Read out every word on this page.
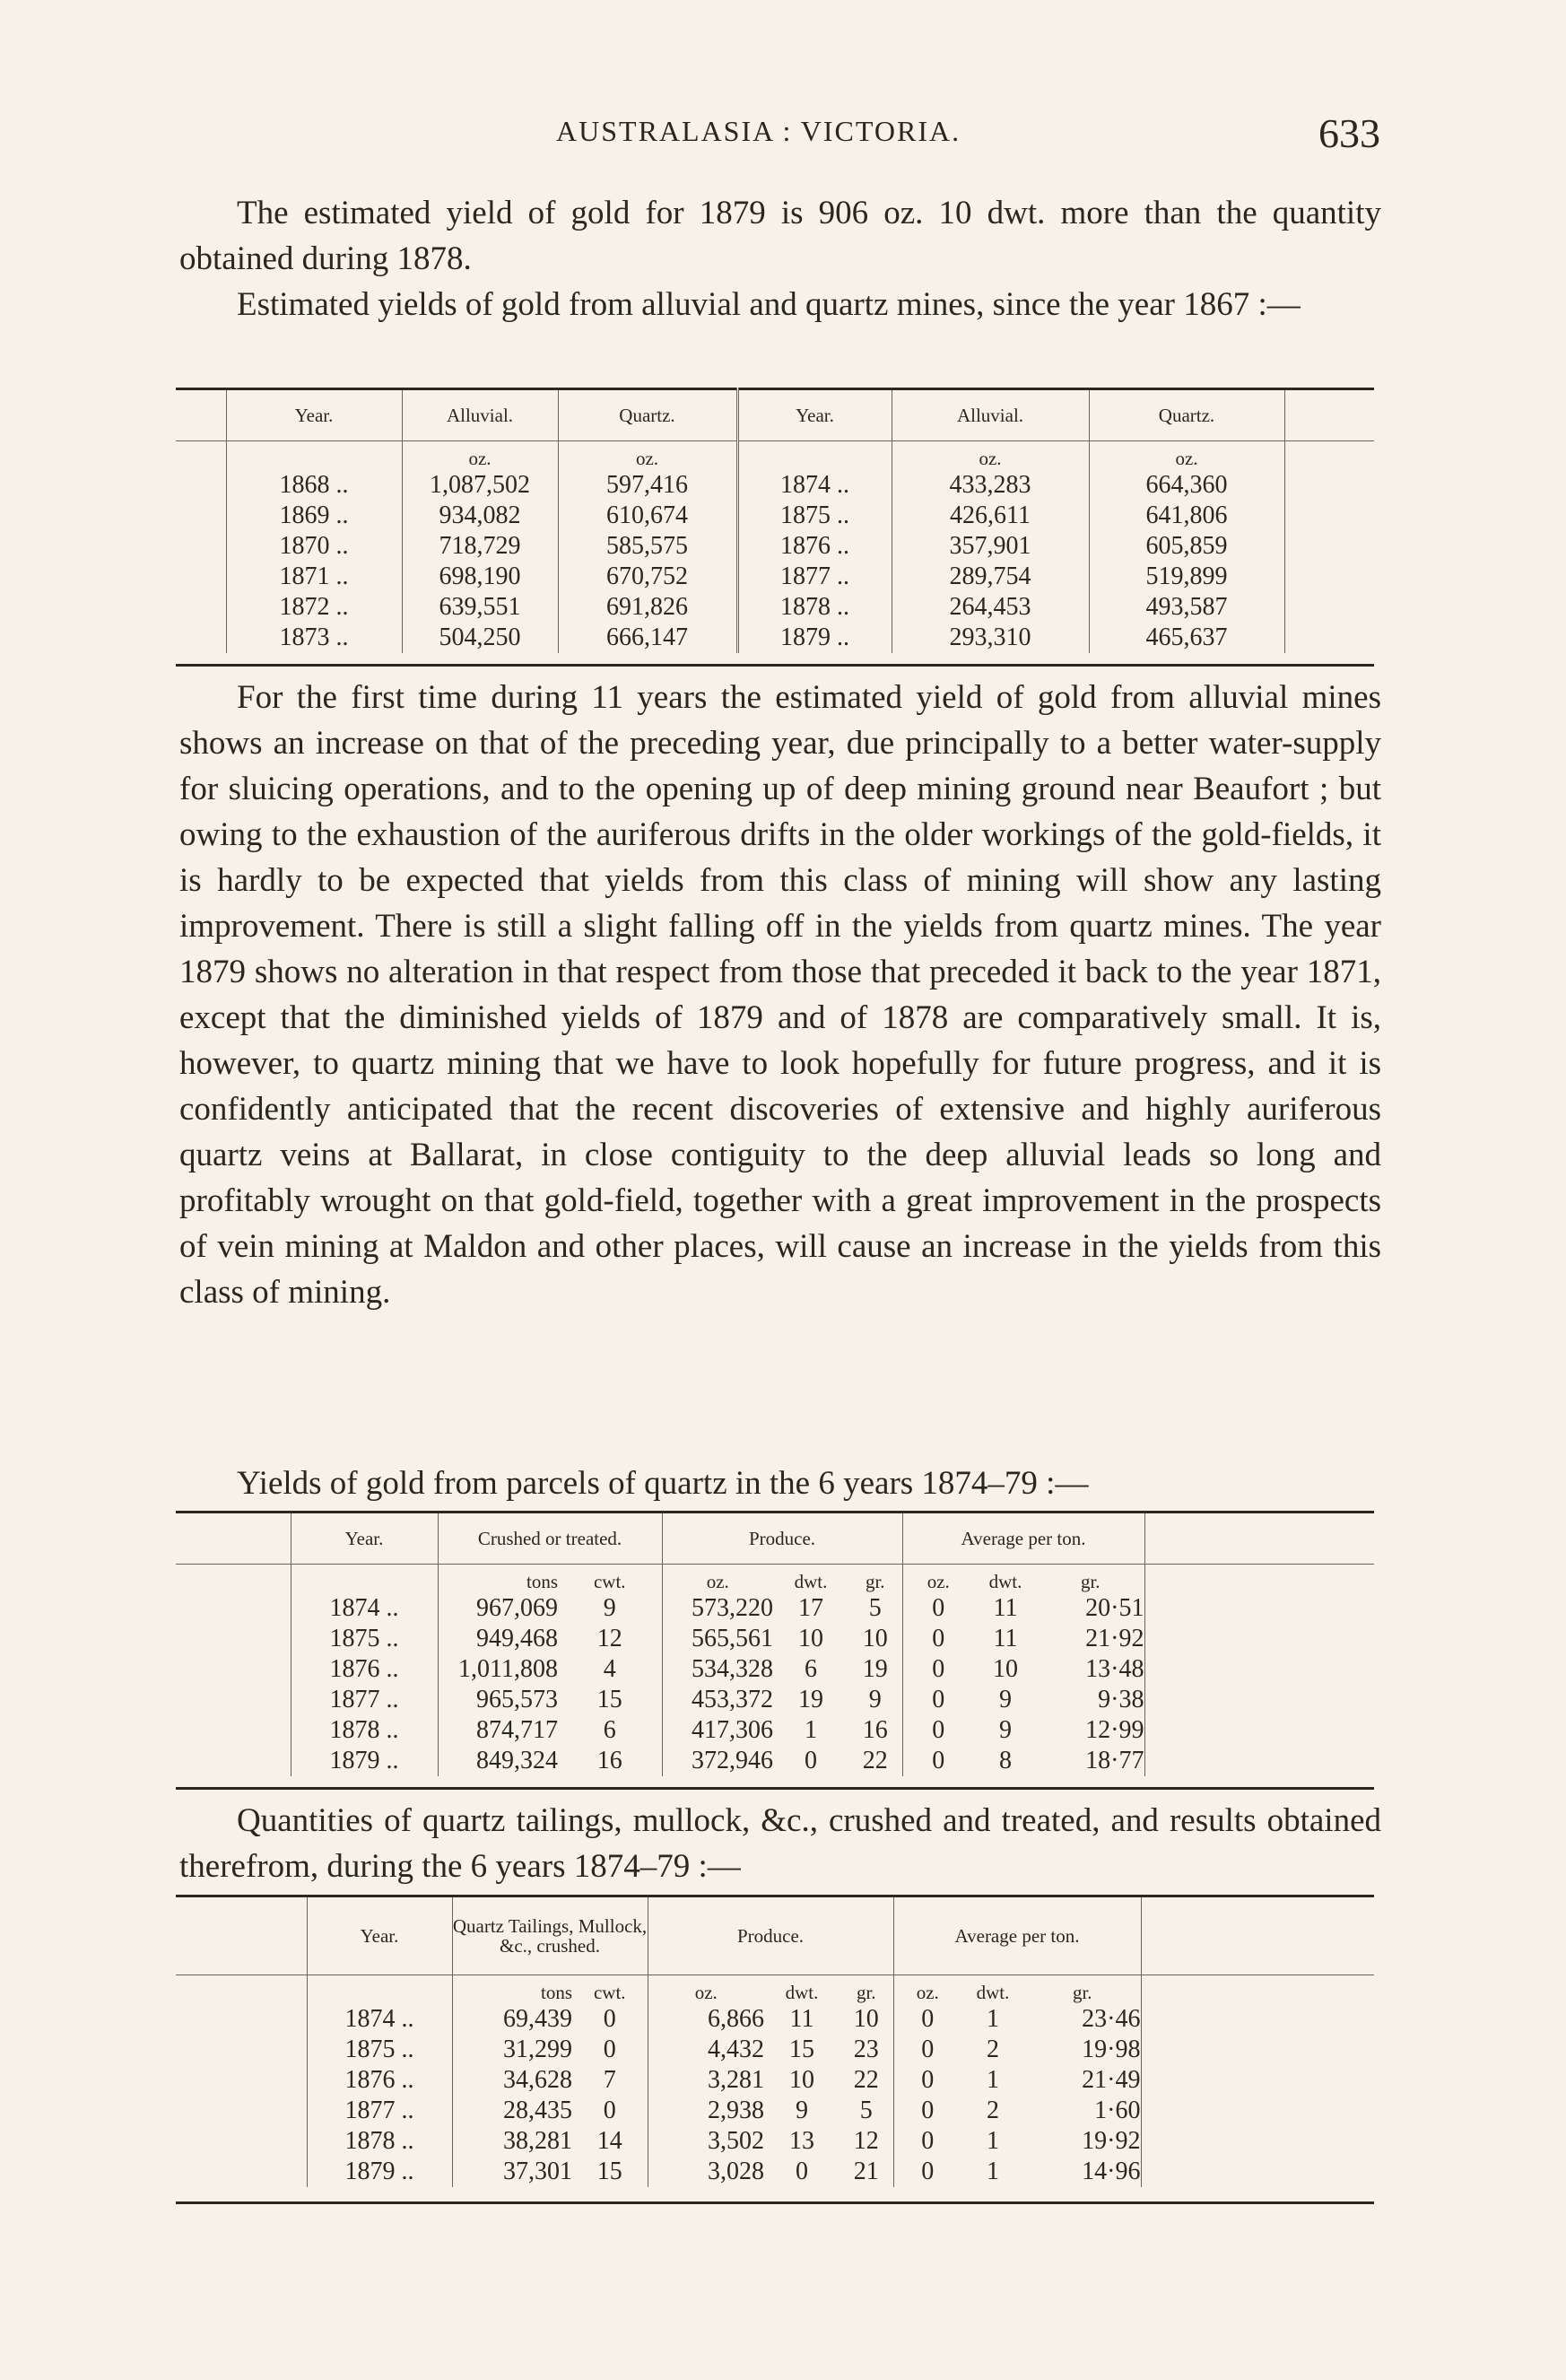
AUSTRALASIA : VICTORIA.	633
The estimated yield of gold for 1879 is 906 oz. 10 dwt. more than the quantity obtained during 1878.
Estimated yields of gold from alluvial and quartz mines, since the year 1867 :—
	Year.	Alluvial.	Quartz.	Year.	Alluvial.	Quartz.	
		oz.	oz.		oz.	oz.	
	1868 ..	1,087,502	597,416	1874 ..	433,283	664,360	
	1869 ..	934,082	610,674	1875 ..	426,611	641,806	
	1870 ..	718,729	585,575	1876 ..	357,901	605,859	
	1871 ..	698,190	670,752	1877 ..	289,754	519,899	
	1872 ..	639,551	691,826	1878 ..	264,453	493,587	
	1873 ..	504,250	666,147	1879 ..	293,310	465,637	

For the first time during 11 years the estimated yield of gold from alluvial mines shows an increase on that of the preceding year, due principally to a better water-supply for sluicing operations, and to the opening up of deep mining ground near Beaufort ; but owing to the exhaustion of the auriferous drifts in the older workings of the gold-fields, it is hardly to be expected that yields from this class of mining will show any lasting improvement. There is still a slight falling off in the yields from quartz mines. The year 1879 shows no alteration in that respect from those that preceded it back to the year 1871, except that the diminished yields of 1879 and of 1878 are comparatively small. It is, however, to quartz mining that we have to look hopefully for future progress, and it is confidently anticipated that the recent discoveries of extensive and highly auriferous quartz veins at Ballarat, in close contiguity to the deep alluvial leads so long and profitably wrought on that gold-field, together with a great improvement in the prospects of vein mining at Maldon and other places, will cause an increase in the yields from this class of mining.
Yields of gold from parcels of quartz in the 6 years 1874–79 :—
	Year.	Crushed or treated.		Produce.			Average per ton.			
		tons	cwt.	oz.	dwt.	gr.	oz.	dwt.	gr.	
	1874 ..	967,069	9	573,220	17	5	0	11	20·51	
	1875 ..	949,468	12	565,561	10	10	0	11	21·92	
	1876 ..	1,011,808	4	534,328	6	19	0	10	13·48	
	1877 ..	965,573	15	453,372	19	9	0	9	9·38	
	1878 ..	874,717	6	417,306	1	16	0	9	12·99	
	1879 ..	849,324	16	372,946	0	22	0	8	18·77	

Quantities of quartz tailings, mullock, &c., crushed and treated, and results obtained therefrom, during the 6 years 1874–79 :—
	Year.	Quartz Tailings, Mullock, &c., crushed.		Produce.			Average per ton.			
		tons	cwt.	oz.	dwt.	gr.	oz.	dwt.	gr.	
	1874 ..	69,439	0	6,866	11	10	0	1	23·46	
	1875 ..	31,299	0	4,432	15	23	0	2	19·98	
	1876 ..	34,628	7	3,281	10	22	0	1	21·49	
	1877 ..	28,435	0	2,938	9	5	0	2	1·60	
	1878 ..	38,281	14	3,502	13	12	0	1	19·92	
	1879 ..	37,301	15	3,028	0	21	0	1	14·96	
